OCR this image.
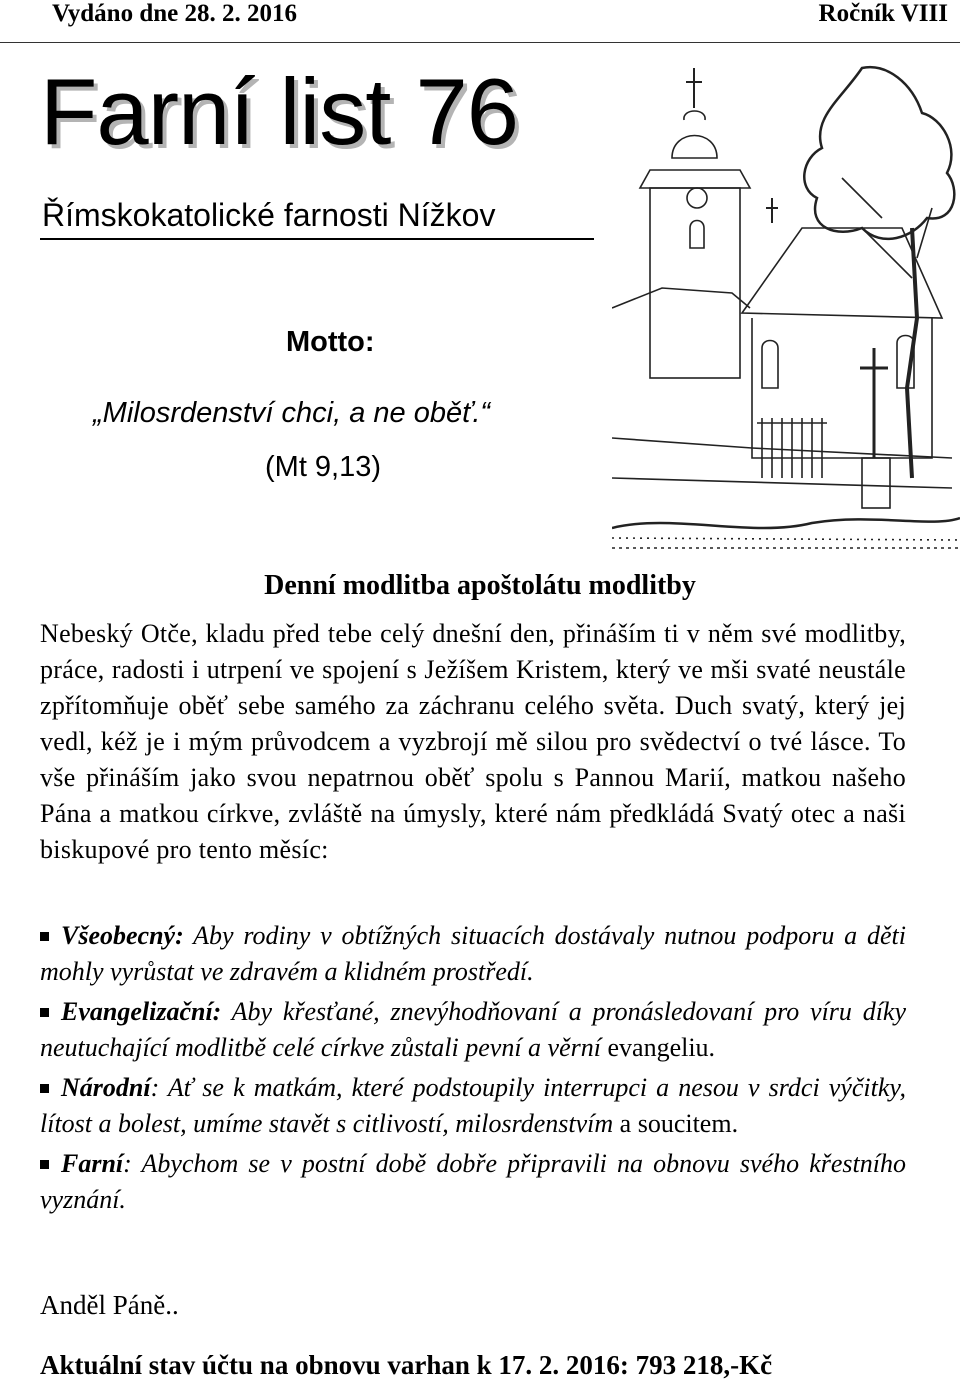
Vydáno dne 28. 2. 2016	Ročník VIII
Farní list 76
Římskokatolické farnosti Nížkov
Motto:
„Milosrdenství chci, a ne oběť.“
(Mt 9,13)
Denní modlitba apoštolátu modlitby
Nebeský Otče, kladu před tebe celý dnešní den, přináším ti v něm své modlitby, práce, radosti i utrpení ve spojení s Ježíšem Kristem, který ve mši svaté neustále zpřítomňuje oběť sebe samého za záchranu celého světa. Duch svatý, který jej vedl, kéž je i mým průvodcem a vyzbrojí mě silou pro svědectví o tvé lásce. To vše přináším jako svou nepatrnou oběť spolu s Pannou Marií, matkou našeho Pána a matkou církve, zvláště na úmysly, které nám předkládá Svatý otec a naši biskupové pro tento měsíc:

Všeobecný: Aby rodiny v obtížných situacích dostávaly nutnou podporu a děti mohly vyrůstat ve zdravém a klidném prostředí.

Evangelizační: Aby křesťané, znevýhodňovaní a pronásledovaní pro víru díky neutuchající modlitbě celé církve zůstali pevní a věrní evangeliu.

Národní: Ať se k matkám, které podstoupily interrupci a nesou v srdci výčitky, lítost a bolest, umíme stavět s citlivostí, milosrdenstvím a soucitem.

Farní: Abychom se v postní době dobře připravili na obnovu svého křestního vyznání.

Anděl Páně..
Aktuální stav účtu na obnovu varhan k 17. 2. 2016: 793 218,-Kč
